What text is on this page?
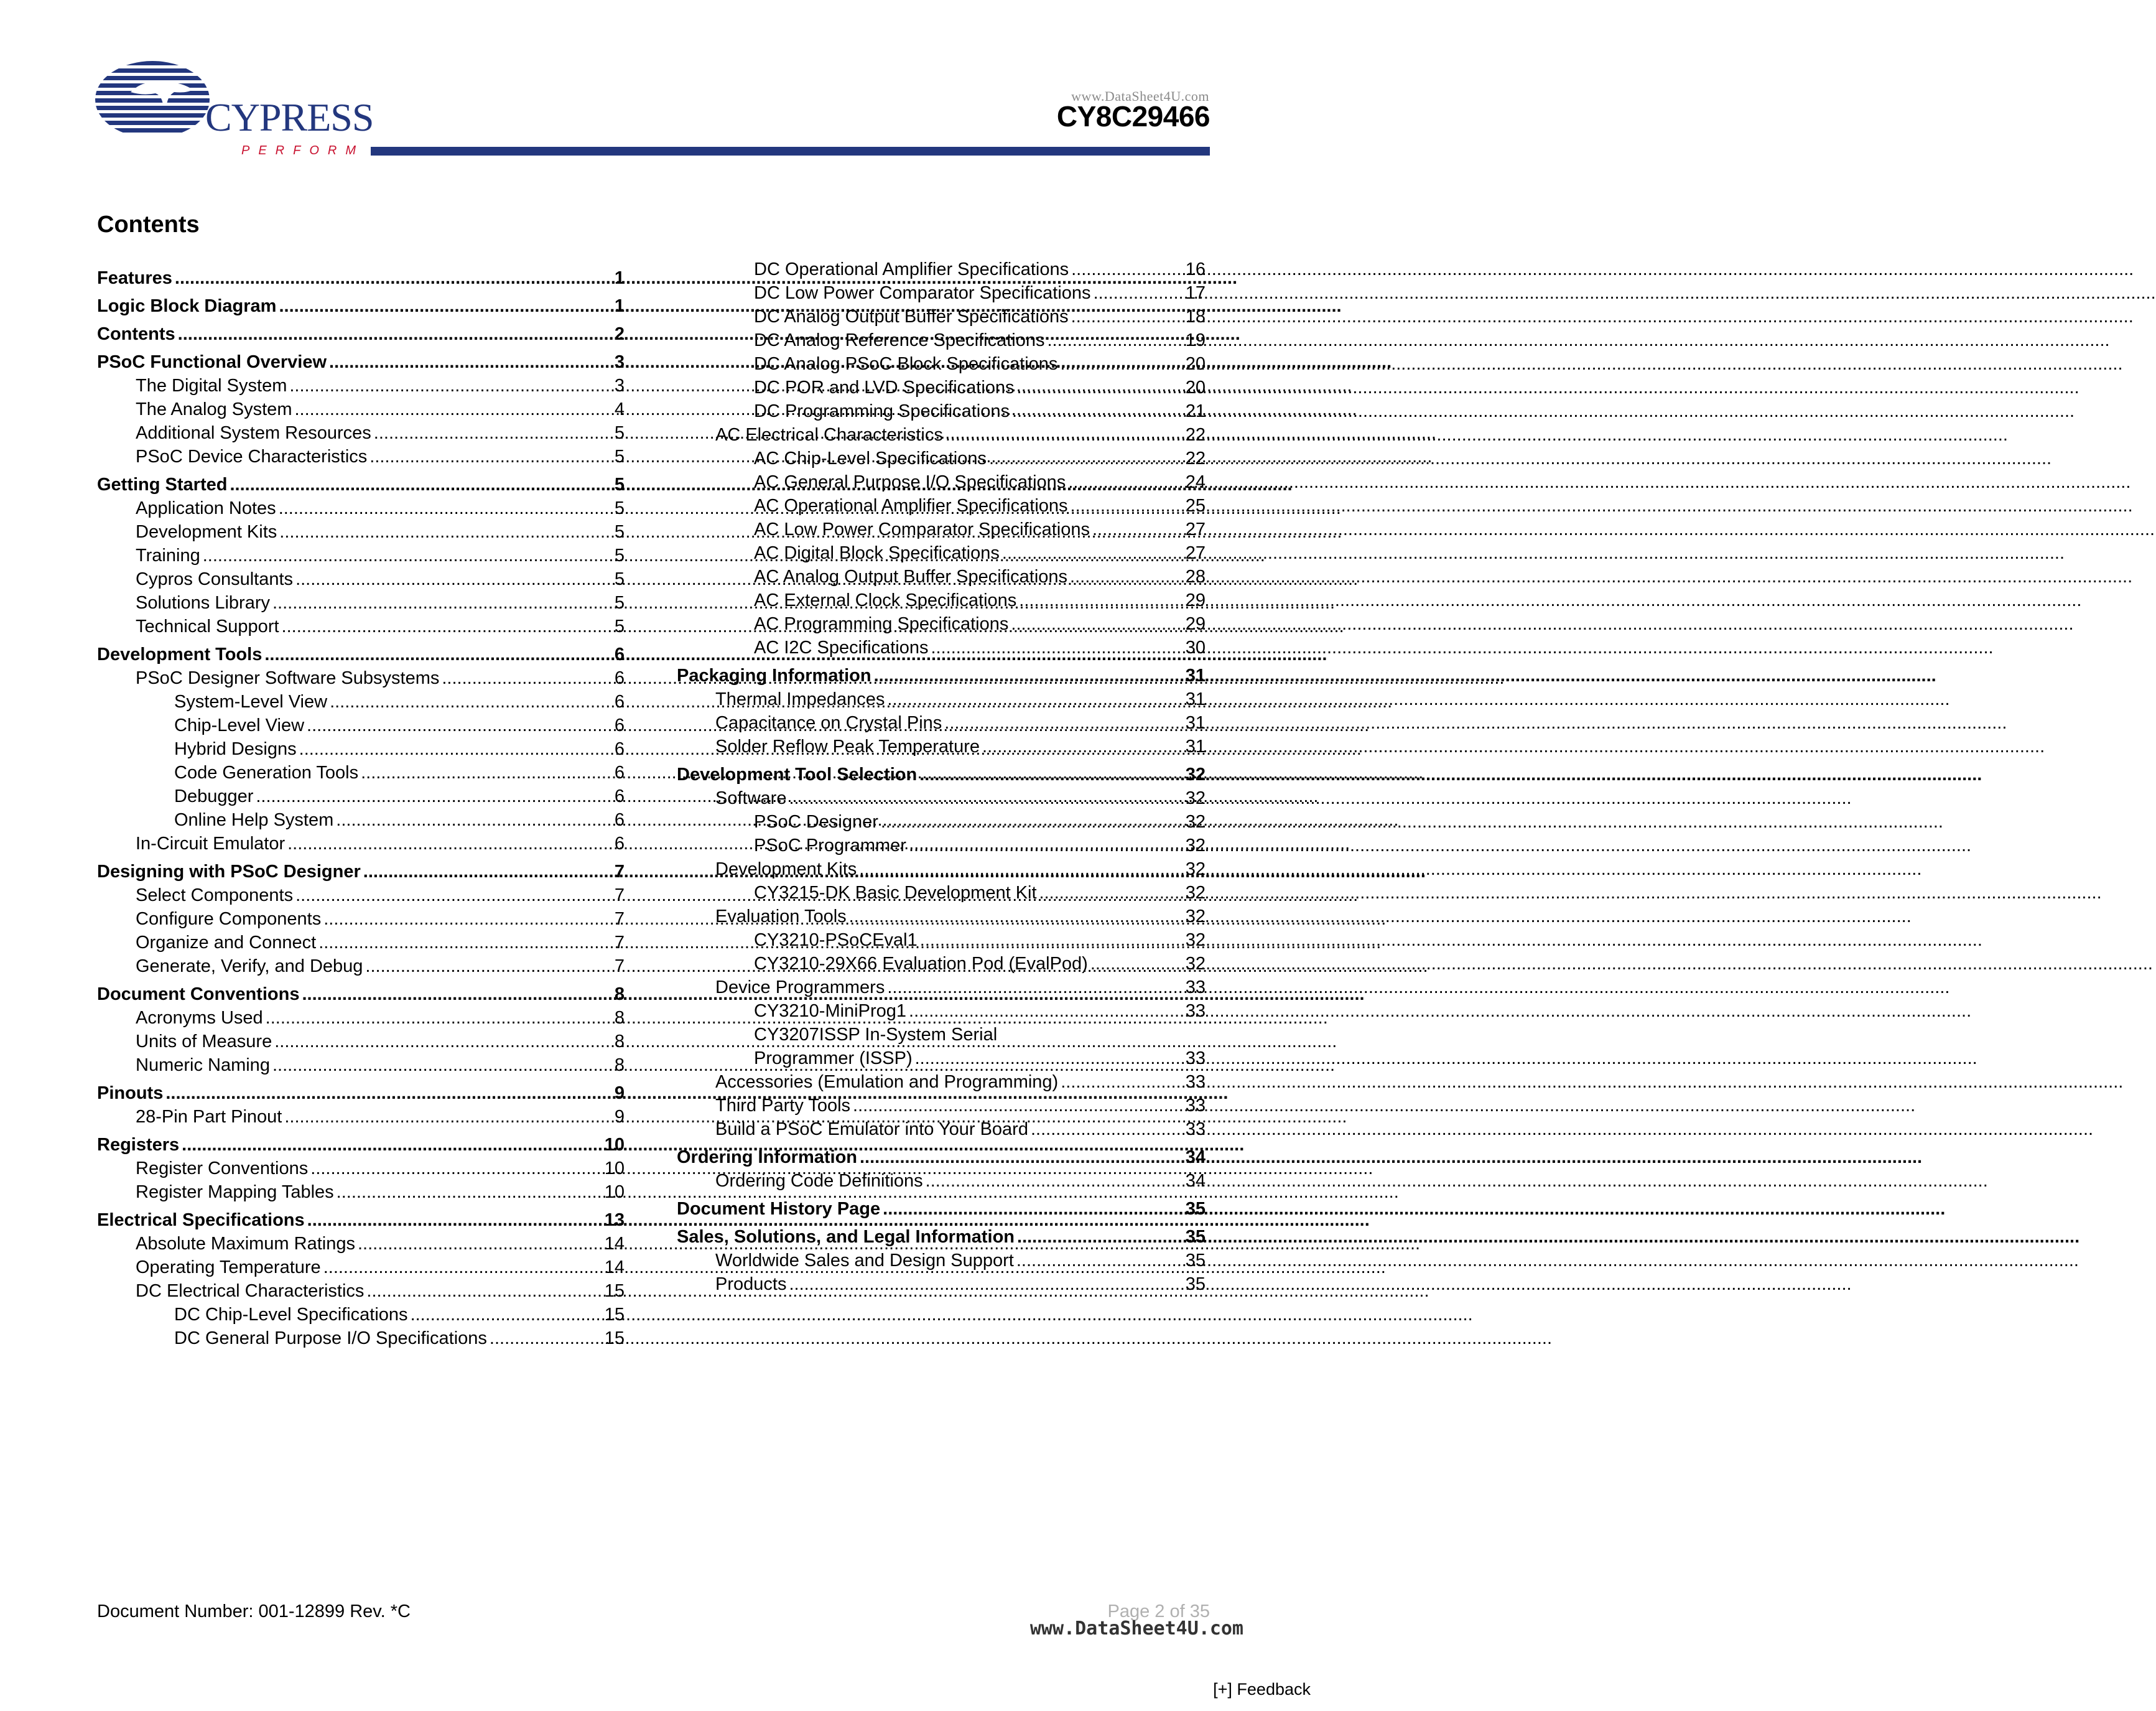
CYPRESS
PERFORM
www.DataSheet4U.com
CY8C29466
Contents
Features .....	1
Logic Block Diagram .....	1
Contents .....	2
PSoC Functional Overview .....	3
The Digital System .....	3
The Analog System .....	4
Additional System Resources .....	5
PSoC Device Characteristics .....	5
Getting Started .....	5
Application Notes .....	5
Development Kits .....	5
Training .....	5
Cypros Consultants .....	5
Solutions Library .....	5
Technical Support .....	5
Development Tools .....	6
PSoC Designer Software Subsystems .....	6
System-Level View .....	6
Chip-Level View .....	6
Hybrid Designs .....	6
Code Generation Tools .....	6
Debugger .....	6
Online Help System .....	6
In-Circuit Emulator .....	6
Designing with PSoC Designer .....	7
Select Components .....	7
Configure Components .....	7
Organize and Connect .....	7
Generate, Verify, and Debug .....	7
Document Conventions .....	8
Acronyms Used .....	8
Units of Measure .....	8
Numeric Naming .....	8
Pinouts .....	9
28-Pin Part Pinout .....	9
Registers .....	10
Register Conventions .....	10
Register Mapping Tables .....	10
Electrical Specifications .....	13
Absolute Maximum Ratings .....	14
Operating Temperature .....	14
DC Electrical Characteristics .....	15
DC Chip-Level Specifications .....	15
DC General Purpose I/O Specifications .....	15
DC Operational Amplifier Specifications .....	16
DC Low Power Comparator Specifications .....	17
DC Analog Output Buffer Specifications .....	18
DC Analog Reference Specifications .....	19
DC Analog PSoC Block Specifications .....	20
DC POR and LVD Specifications .....	20
DC Programming Specifications .....	21
AC Electrical Characteristics .....	22
AC Chip-Level Specifications .....	22
AC General Purpose I/O Specifications .....	24
AC Operational Amplifier Specifications .....	25
AC Low Power Comparator Specifications .....	27
AC Digital Block Specifications .....	27
AC Analog Output Buffer Specifications .....	28
AC External Clock Specifications .....	29
AC Programming Specifications .....	29
AC I2C Specifications .....	30
Packaging Information .....	31
Thermal Impedances .....	31
Capacitance on Crystal Pins .....	31
Solder Reflow Peak Temperature .....	31
Development Tool Selection .....	32
Software .....	32
PSoC Designer .....	32
PSoC Programmer .....	32
Development Kits .....	32
CY3215-DK Basic Development Kit .....	32
Evaluation Tools .....	32
CY3210-PSoCEval1 .....	32
CY3210-29X66 Evaluation Pod (EvalPod) .....	32
Device Programmers .....	33
CY3210-MiniProg1 .....	33
CY3207ISSP In-System Serial
Programmer (ISSP) .....	33
Accessories (Emulation and Programming) .....	33
Third Party Tools .....	33
Build a PSoC Emulator into Your Board .....	33
Ordering Information .....	34
Ordering Code Definitions .....	34
Document History Page .....	35
Sales, Solutions, and Legal Information .....	35
Worldwide Sales and Design Support .....	35
Products .....	35
Document Number: 001-12899 Rev. *C	Page 2 of 35
www.DataSheet4U.com
[+] Feedback
